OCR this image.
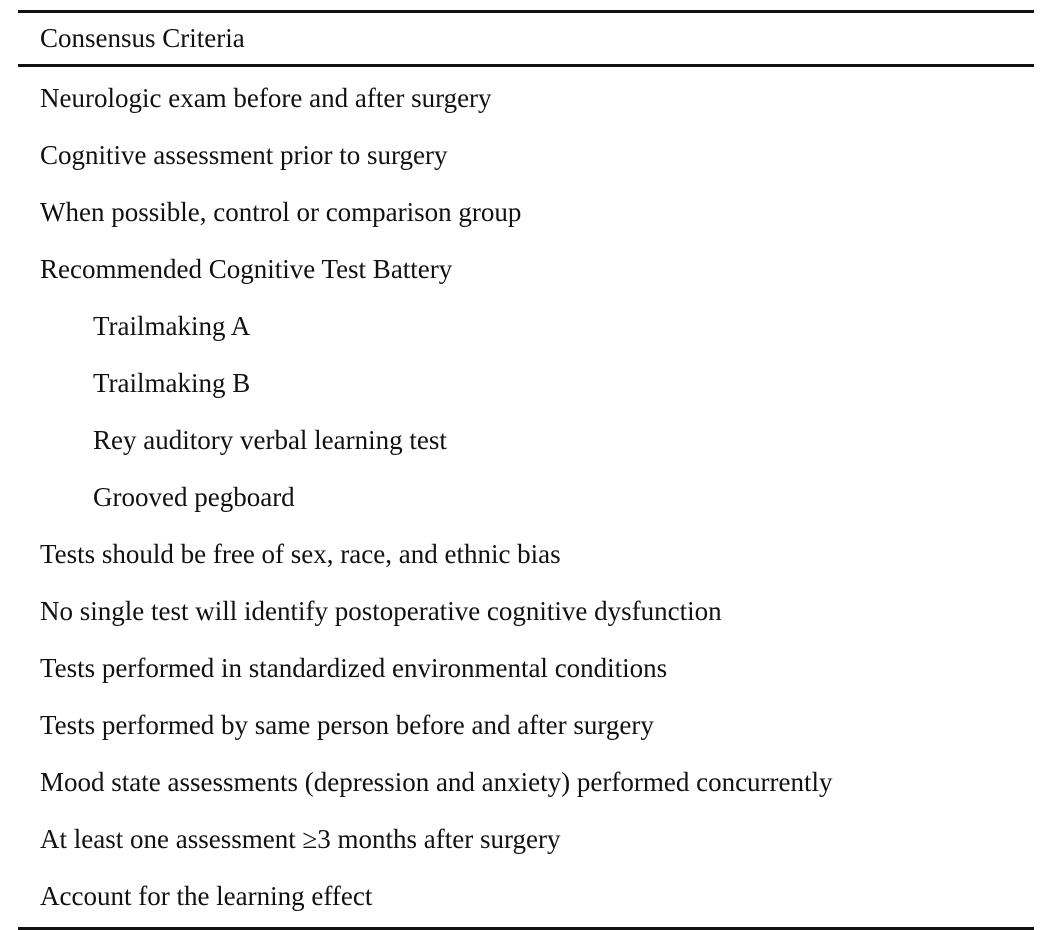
Consensus Criteria
Neurologic exam before and after surgery
Cognitive assessment prior to surgery
When possible, control or comparison group
Recommended Cognitive Test Battery
Trailmaking A
Trailmaking B
Rey auditory verbal learning test
Grooved pegboard
Tests should be free of sex, race, and ethnic bias
No single test will identify postoperative cognitive dysfunction
Tests performed in standardized environmental conditions
Tests performed by same person before and after surgery
Mood state assessments (depression and anxiety) performed concurrently
At least one assessment ≥3 months after surgery
Account for the learning effect
